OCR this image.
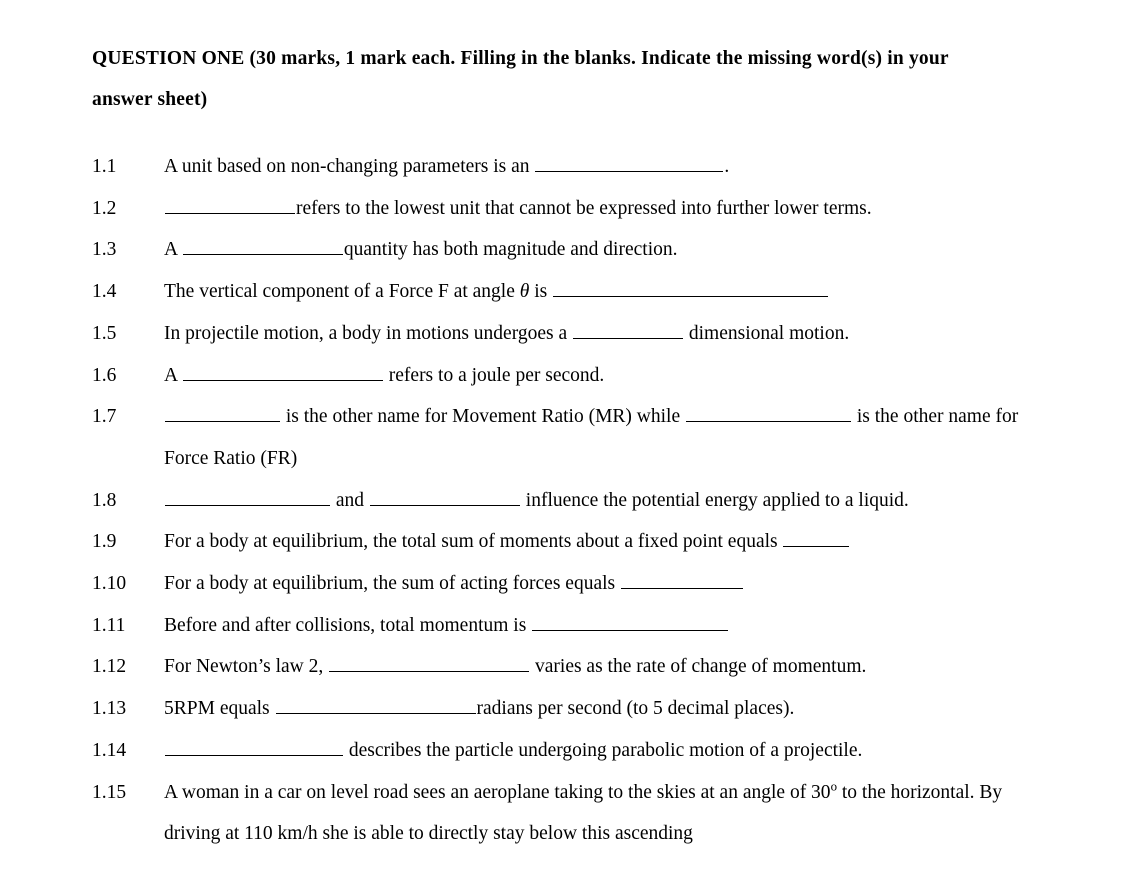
QUESTION ONE (30 marks, 1 mark each. Filling in the blanks. Indicate the missing word(s) in your answer sheet)
1.1	A unit based on non-changing parameters is an	.
1.2	refers to the lowest unit that cannot be expressed into further lower terms.
1.3	A	quantity has both magnitude and direction.
1.4	The vertical component of a Force F at angle θ is
1.5	In projectile motion, a body in motions undergoes a	dimensional motion.
1.6	A	refers to a joule per second.
1.7	is the other name for Movement Ratio (MR) while	is the other name for Force Ratio (FR)
1.8	and	influence the potential energy applied to a liquid.
1.9	For a body at equilibrium, the total sum of moments about a fixed point equals
1.10	For a body at equilibrium, the sum of acting forces equals
1.11	Before and after collisions, total momentum is
1.12	For Newton’s law 2,	varies as the rate of change of momentum.
1.13	5RPM equals	radians per second (to 5 decimal places).
1.14	describes the particle undergoing parabolic motion of a projectile.
1.15	A woman in a car on level road sees an aeroplane taking to the skies at an angle of 30$^o$ to the horizontal. By driving at 110 km/h she is able to directly stay below this ascending
